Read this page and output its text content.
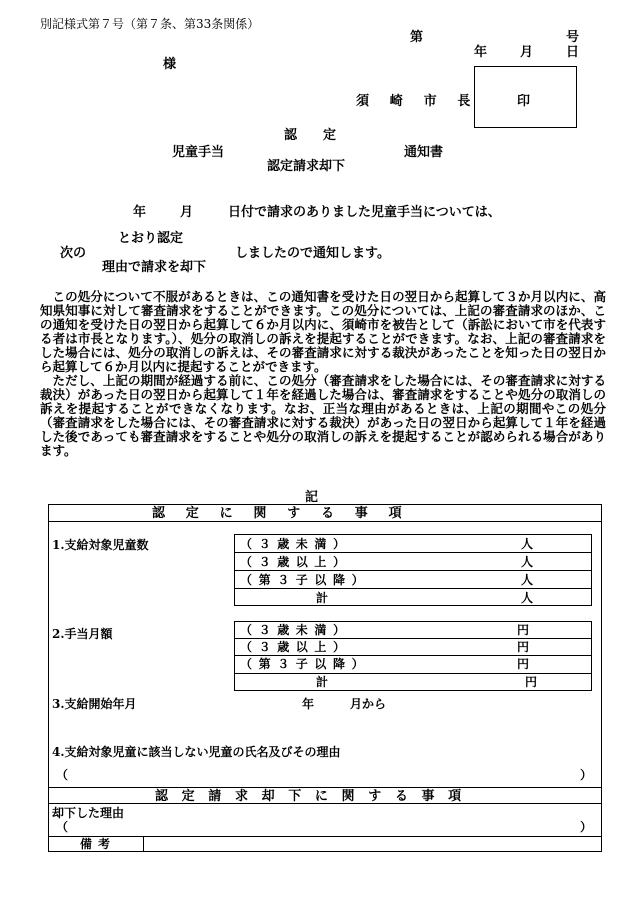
別記様式第７号（第７条、第33条関係）
第	号
年	月	日
様
須　崎　市　長	印
認　　定
児童手当
認定請求却下
通知書
年	月	日付で請求のありました児童手当については、
とおり認定
次の	しましたので通知します。
理由で請求を却下

この処分について不服があるときは、この通知書を受けた日の翌日から起算して３か月以内に、高知県知事に対して審査請求をすることができます。この処分については、上記の審査請求のほか、この通知を受けた日の翌日から起算して６か月以内に、須崎市を被告として（訴訟において市を代表する者は市長となります。）、処分の取消しの訴えを提起することができます。なお、上記の審査請求をした場合には、処分の取消しの訴えは、その審査請求に対する裁決があったことを知った日の翌日から起算して６か月以内に提起することができます。

ただし、上記の期間が経過する前に、この処分（審査請求をした場合には、その審査請求に対する裁決）があった日の翌日から起算して１年を経過した場合は、審査請求をすることや処分の取消しの訴えを提起することができなくなります。なお、正当な理由があるときは、上記の期間やこの処分（審査請求をした場合には、その審査請求に対する裁決）があった日の翌日から起算して１年を経過した後であっても審査請求をすることや処分の取消しの訴えを提起することが認められる場合があります。

記
認定に関する事項
1.支給対象児童数	（３歳未満）	人
（３歳以上）	人
（第３子以降）	人
計	人
2.手当月額	（３歳未満）	円
（３歳以上）	円
（第３子以降）	円
計	円
3.支給開始年月	年	月から
4.支給対象児童に該当しない児童の氏名及びその理由
（	）
認定請求却下に関する事項
却下した理由
（	）
備考
